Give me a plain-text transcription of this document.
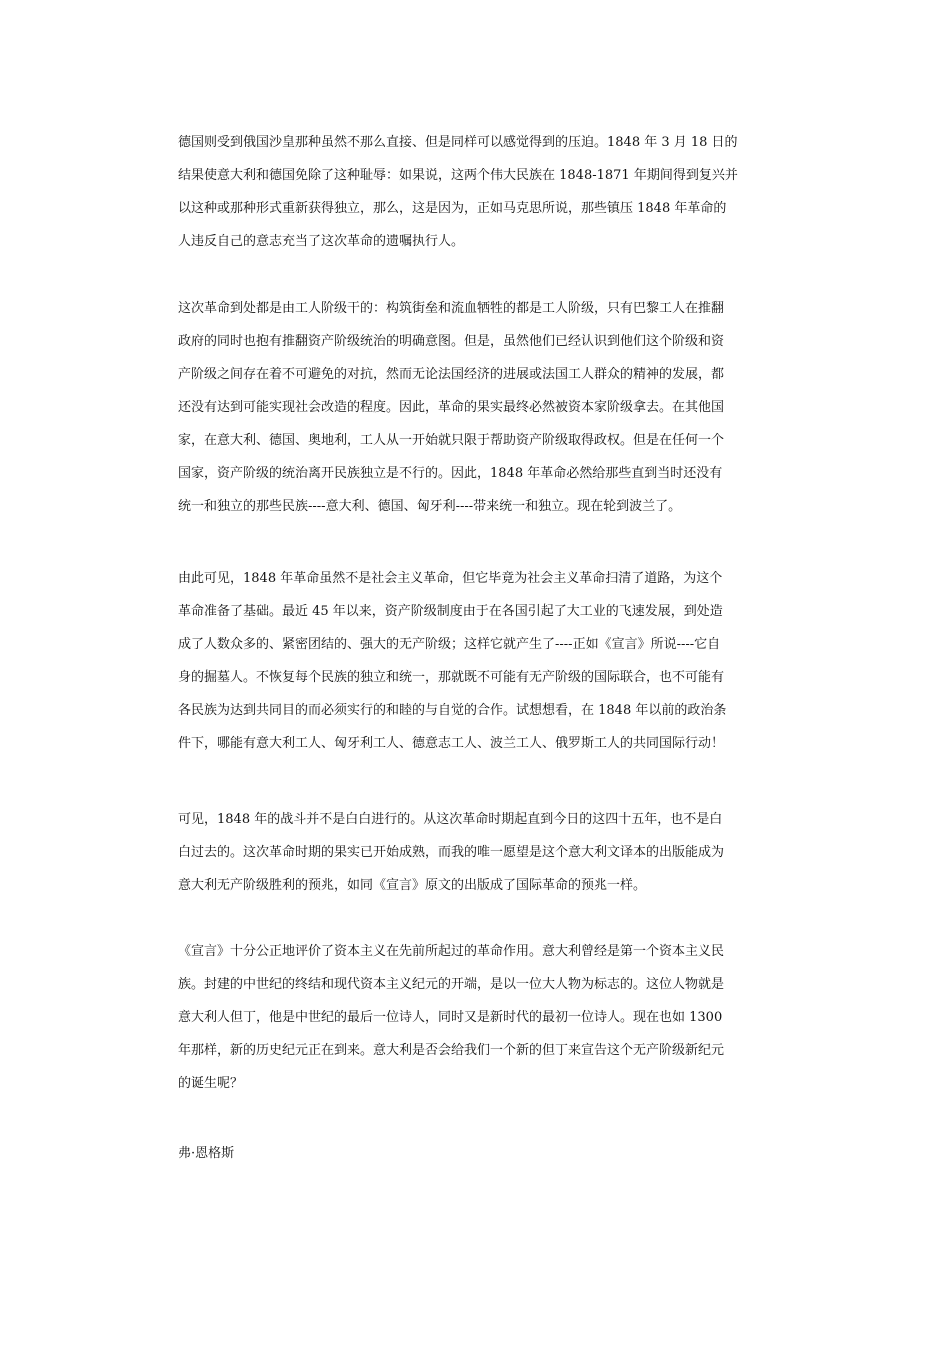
德国则受到俄国沙皇那种虽然不那么直接、但是同样可以感觉得到的压迫。1848 年 3 月 18 日的
结果使意大利和德国免除了这种耻辱：如果说，这两个伟大民族在 1848-1871 年期间得到复兴并
以这种或那种形式重新获得独立，那么，这是因为，正如马克思所说，那些镇压 1848 年革命的
人违反自己的意志充当了这次革命的遗嘱执行人。

这次革命到处都是由工人阶级干的：构筑街垒和流血牺牲的都是工人阶级，只有巴黎工人在推翻
政府的同时也抱有推翻资产阶级统治的明确意图。但是，虽然他们已经认识到他们这个阶级和资
产阶级之间存在着不可避免的对抗，然而无论法国经济的进展或法国工人群众的精神的发展，都
还没有达到可能实现社会改造的程度。因此，革命的果实最终必然被资本家阶级拿去。在其他国
家，在意大利、德国、奥地利，工人从一开始就只限于帮助资产阶级取得政权。但是在任何一个
国家，资产阶级的统治离开民族独立是不行的。因此，1848 年革命必然给那些直到当时还没有
统一和独立的那些民族----意大利、德国、匈牙利----带来统一和独立。现在轮到波兰了。

由此可见，1848 年革命虽然不是社会主义革命，但它毕竟为社会主义革命扫清了道路，为这个
革命准备了基础。最近 45 年以来，资产阶级制度由于在各国引起了大工业的飞速发展，到处造
成了人数众多的、紧密团结的、强大的无产阶级；这样它就产生了----正如《宣言》所说----它自
身的掘墓人。不恢复每个民族的独立和统一，那就既不可能有无产阶级的国际联合，也不可能有
各民族为达到共同目的而必须实行的和睦的与自觉的合作。试想想看，在 1848 年以前的政治条
件下，哪能有意大利工人、匈牙利工人、德意志工人、波兰工人、俄罗斯工人的共同国际行动！

可见，1848 年的战斗并不是白白进行的。从这次革命时期起直到今日的这四十五年，也不是白
白过去的。这次革命时期的果实已开始成熟，而我的唯一愿望是这个意大利文译本的出版能成为
意大利无产阶级胜利的预兆，如同《宣言》原文的出版成了国际革命的预兆一样。

《宣言》十分公正地评价了资本主义在先前所起过的革命作用。意大利曾经是第一个资本主义民
族。封建的中世纪的终结和现代资本主义纪元的开端，是以一位大人物为标志的。这位人物就是
意大利人但丁，他是中世纪的最后一位诗人，同时又是新时代的最初一位诗人。现在也如 1300
年那样，新的历史纪元正在到来。意大利是否会给我们一个新的但丁来宣告这个无产阶级新纪元
的诞生呢？

弗·恩格斯
